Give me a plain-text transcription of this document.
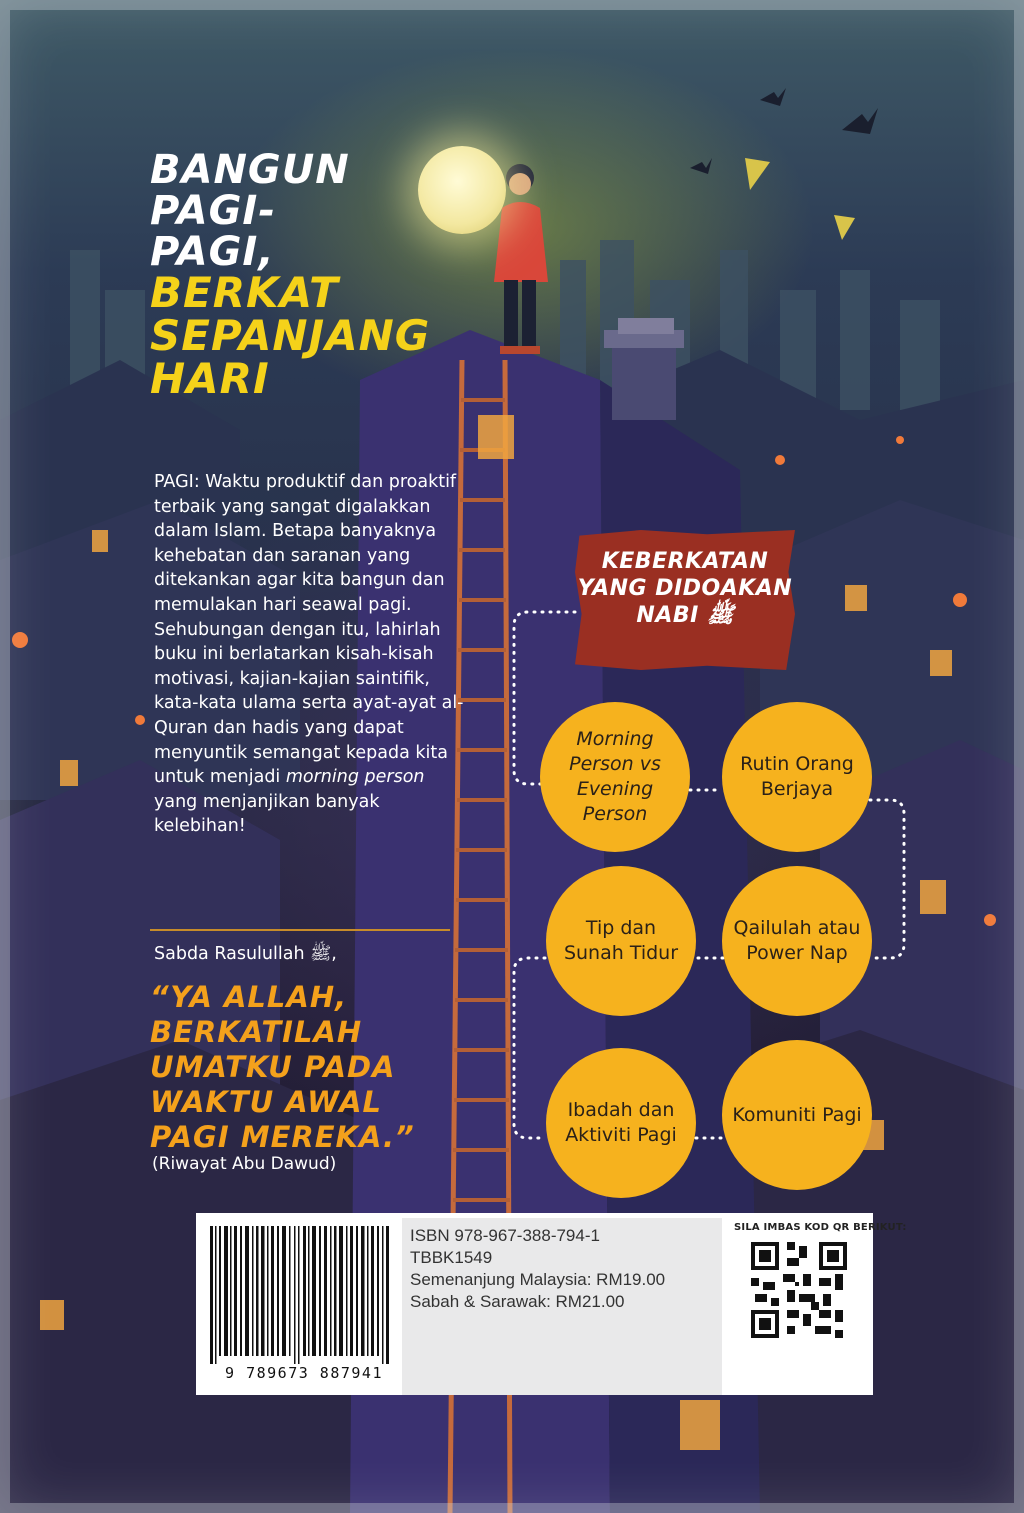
BANGUN
PAGI-PAGI,
BERKAT
SEPANJANG
HARI
PAGI: Waktu produktif dan proaktif terbaik yang sangat digalakkan dalam Islam. Betapa banyaknya kehebatan dan saranan yang ditekankan agar kita bangun dan memulakan hari seawal pagi. Sehubungan dengan itu, lahirlah buku ini berlatarkan kisah-kisah motivasi, kajian-kajian saintifik, kata-kata ulama serta ayat-ayat al-Quran dan hadis yang dapat menyuntik semangat kepada kita untuk menjadi morning person yang menjanjikan banyak kelebihan!
Sabda Rasulullah ﷺ,
“YA ALLAH, BERKATILAH UMATKU PADA WAKTU AWAL PAGI MEREKA.”
(Riwayat Abu Dawud)
KEBERKATAN
YANG DIDOAKAN
NABI ﷺ
Morning Person vs Evening Person
Rutin Orang Berjaya
Tip dan Sunah Tidur
Qailulah atau Power Nap
Ibadah dan Aktiviti Pagi
Komuniti Pagi
9 789673 887941
ISBN 978-967-388-794-1
TBBK1549
Semenanjung Malaysia: RM19.00
Sabah & Sarawak: RM21.00
SILA IMBAS KOD QR BERIKUT:
